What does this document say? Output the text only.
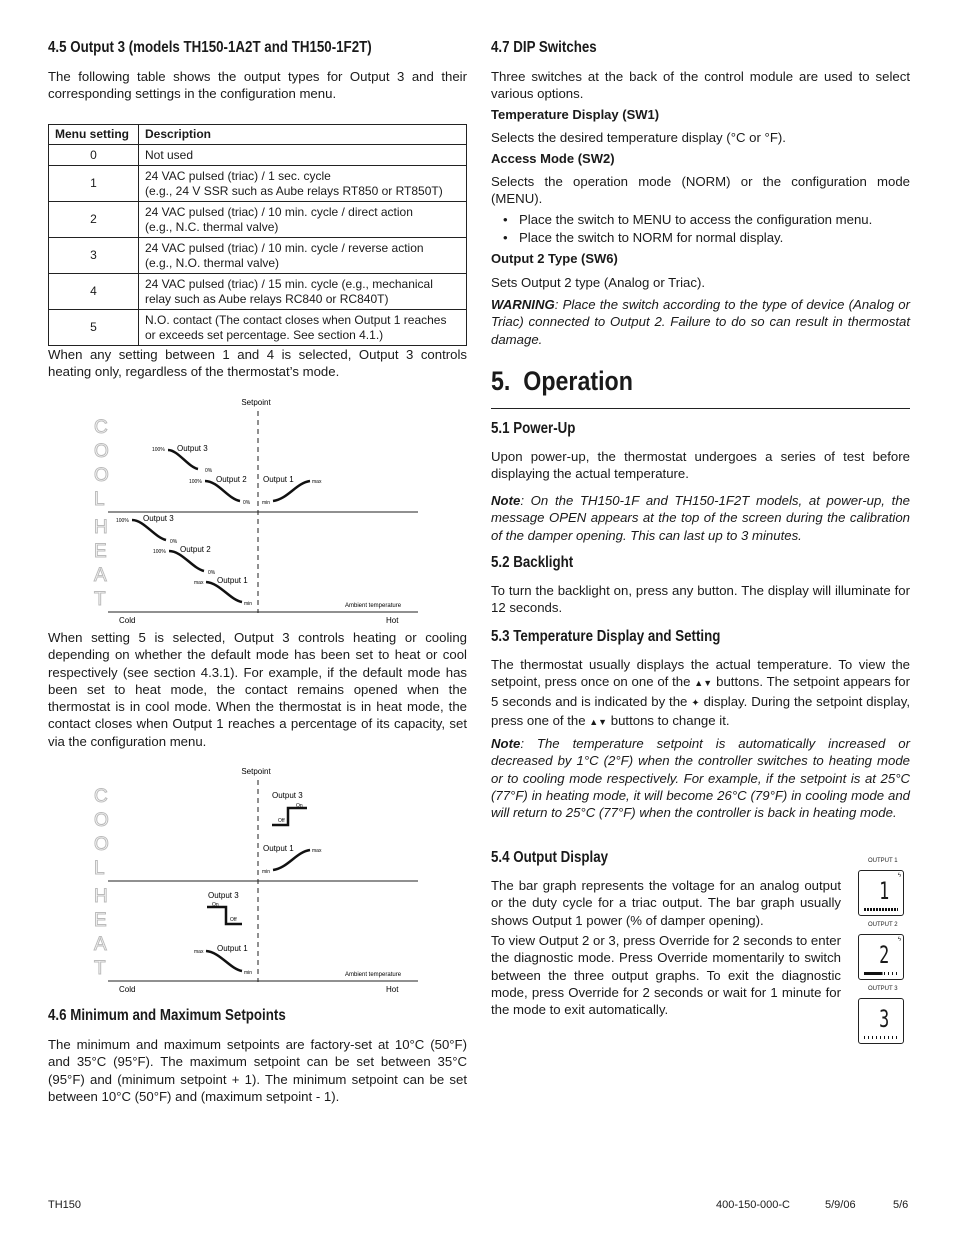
4.5 Output 3 (models TH150-1A2T and TH150-1F2T)

The following table shows the output types for Output 3 and their corresponding settings in the configuration menu.

Menu setting	Description
0	Not used
1	24 VAC pulsed (triac) / 1 sec. cycle
(e.g., 24 V SSR such as Aube relays RT850 or RT850T)
2	24 VAC pulsed (triac) / 10 min. cycle / direct action
(e.g., N.C. thermal valve)
3	24 VAC pulsed (triac) / 10 min. cycle / reverse action
(e.g., N.O. thermal valve)
4	24 VAC pulsed (triac) / 15 min. cycle (e.g., mechanical
relay such as Aube relays RC840 or RC840T)
5	N.O. contact (The contact closes when Output 1 reaches
or exceeds set percentage. See section 4.1.)

When any setting between 1 and 4 is selected, Output 3 controls heating only, regardless of the thermostat’s mode.

When setting 5 is selected, Output 3 controls heating or cooling depending on whether the default mode has been set to heat or cool respectively (see section 4.3.1). For example, if the default mode has been set to heat mode, the contact remains opened when the thermostat is in cool mode. When the thermostat is in heat mode, the contact closes when Output 1 reaches a percentage of its capacity, set via the configuration menu.

4.6 Minimum and Maximum Setpoints

The minimum and maximum setpoints are factory-set at 10°C (50°F) and 35°C (95°F). The maximum setpoint can be set between 35°C (95°F) and (minimum setpoint + 1). The minimum setpoint can be set between 10°C (50°F) and (maximum setpoint - 1).

Setpoint
C
O
O
L
H
E
A
T
Output 3
100%
0%
Output 2
100%
0%
Output 1
min
max
Output 3
100%
0%
Output 2
100%
0%
Output 1
max
min	Ambient temperature
Cold	Hot
Setpoint
C
O
O
L
H
E
A
T
Output 3
On
Off
Output 1
min
max
Output 3
On
Off
Output 1
max
min	Ambient temperature
Cold	Hot
4.7 DIP Switches

Three switches at the back of the control module are used to select various options.

Temperature Display (SW1)

Selects the desired temperature display (°C or °F).

Access Mode (SW2)

Selects the operation mode (NORM) or the configuration mode (MENU).

• Place the switch to MENU to access the configuration menu.
• Place the switch to NORM for normal display.
Output 2 Type (SW6)

Sets Output 2 type (Analog or Triac).

WARNING: Place the switch according to the type of device (Analog or Triac) connected to Output 2. Failure to do so can result in thermostat damage.

5.  Operation
5.1 Power-Up

Upon power-up, the thermostat undergoes a series of test before displaying the actual temperature.

Note: On the TH150-1F and TH150-1F2T models, at power-up, the message OPEN appears at the top of the screen during the calibration of the damper opening. This can last up to 3 minutes.

5.2 Backlight

To turn the backlight on, press any button. The display will illuminate for 12 seconds.

5.3 Temperature Display and Setting

The thermostat usually displays the actual temperature. To view the setpoint, press once on one of the ▲▼ buttons. The setpoint appears for 5 seconds and is indicated by the ✦ display. During the setpoint display, press one of the ▲▼ buttons to change it.

Note: The temperature setpoint is automatically increased or decreased by 1°C (2°F) when the controller switches to heating mode or to cooling mode respectively. For example, if the setpoint is at 25°C (77°F) in heating mode, it will become 26°C (79°F) in cooling mode and will return to 25°C (77°F) when the controller is back in heating mode.

5.4 Output Display

The bar graph represents the voltage for an analog output or the duty cycle for a triac output. The bar graph usually shows Output 1 power (% of damper opening).

To view Output 2 or 3, press Override for 2 seconds to enter the diagnostic mode. Press Override momentarily to switch between the three output graphs. To exit the diagnostic mode, press Override for 2 seconds or wait for 1 minute for the mode to exit automatically.

OUTPUT 1
1
ϟ
OUTPUT 2
2
ϟ
OUTPUT 3
3
TH150	400-150-000-C	5/9/06	5/6
